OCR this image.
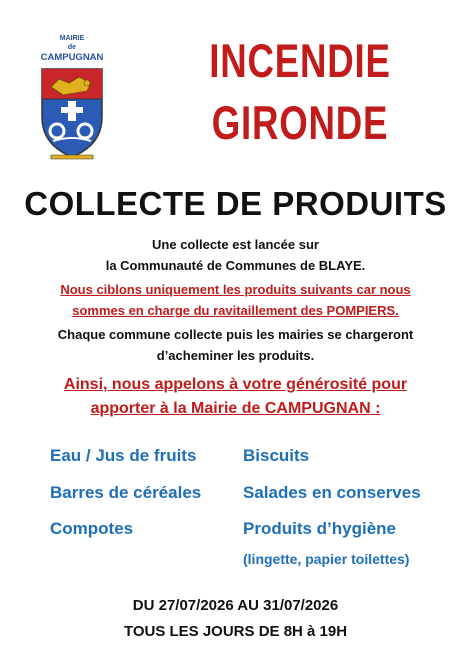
MAIRIE
de
CAMPUGNAN	INCENDIE
GIRONDE
COLLECTE DE PRODUITS
Une collecte est lancée sur
la Communauté de Communes de BLAYE.
Nous ciblons uniquement les produits suivants car nous
sommes en charge du ravitaillement des POMPIERS.
Chaque commune collecte puis les mairies se chargeront
d’acheminer les produits.
Ainsi, nous appelons à votre générosité pour
apporter à la Mairie de CAMPUGNAN :
Eau / Jus de fruits
Barres de céréales
Compotes
Biscuits
Salades en conserves
Produits d’hygiène
(lingette, papier toilettes)
DU 27/07/2026 AU 31/07/2026
TOUS LES JOURS DE 8H à 19H
